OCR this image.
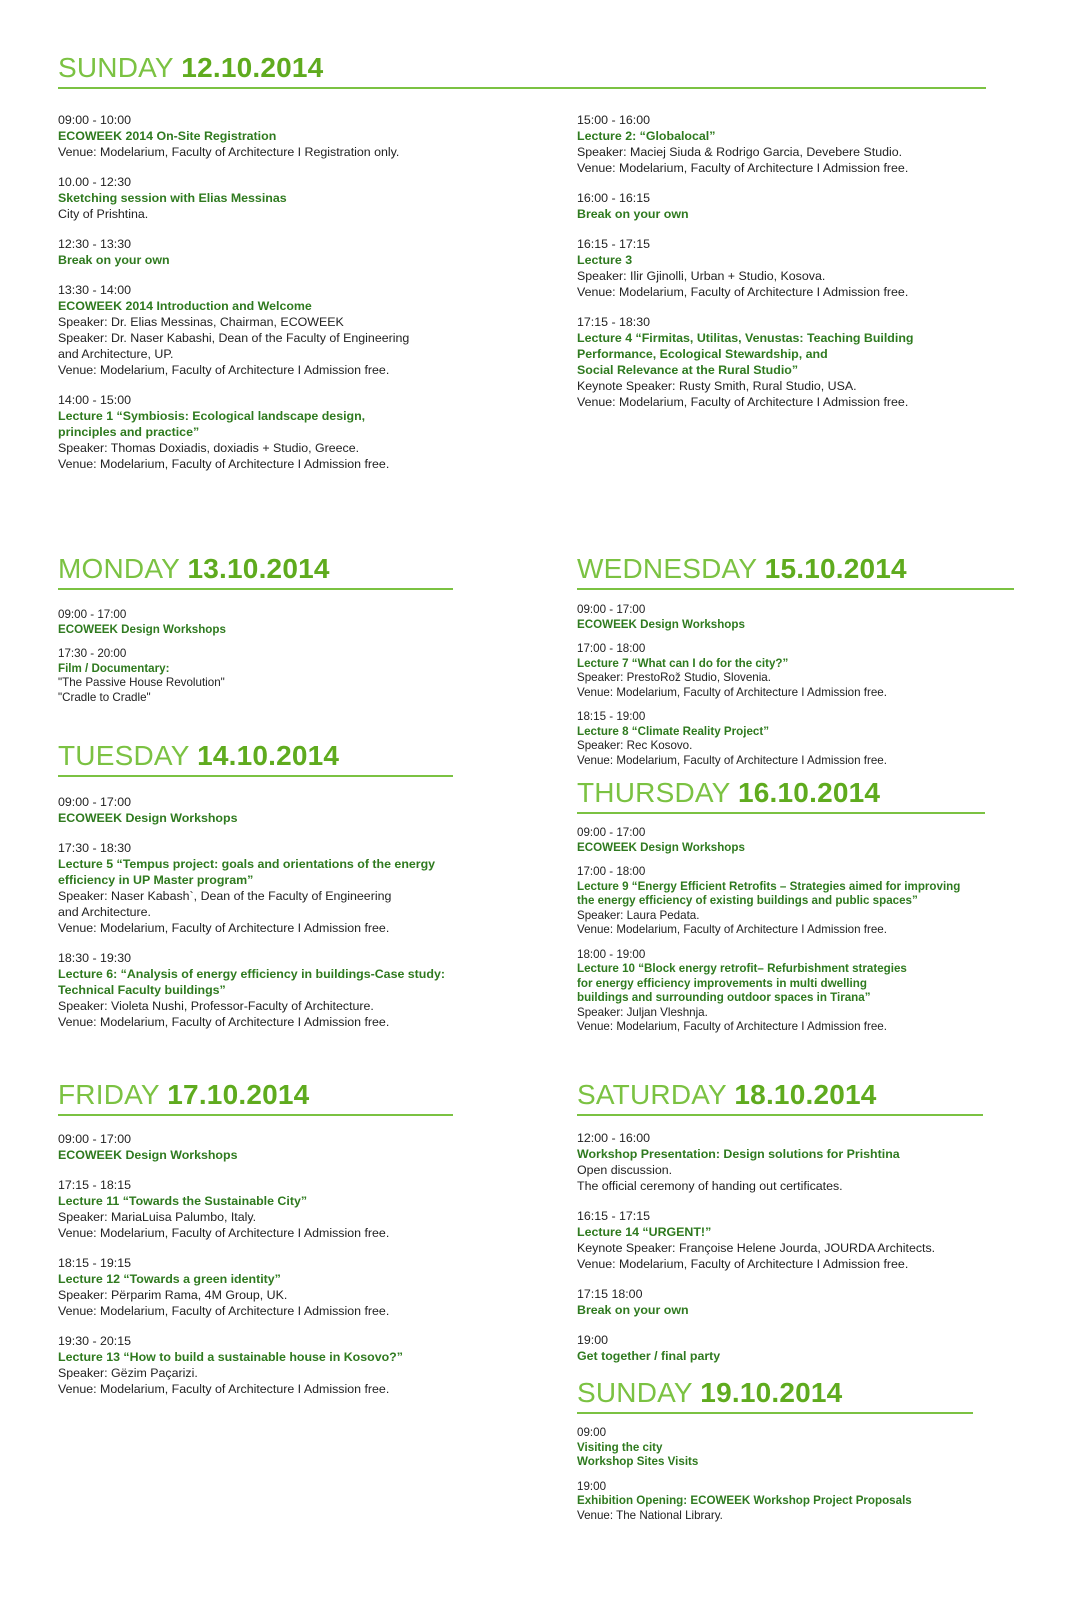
SUNDAY 12.10.2014
09:00 - 10:00
ECOWEEK 2014 On-Site Registration
Venue: Modelarium, Faculty of Architecture I Registration only.
10.00 - 12:30
Sketching session with Elias Messinas
City of Prishtina.
12:30 - 13:30
Break on your own
13:30 - 14:00
ECOWEEK 2014 Introduction and Welcome
Speaker: Dr. Elias Messinas, Chairman, ECOWEEK
Speaker: Dr. Naser Kabashi, Dean of the Faculty of Engineering
and Architecture, UP.
Venue: Modelarium, Faculty of Architecture I Admission free.
14:00 - 15:00
Lecture 1 “Symbiosis: Ecological landscape design,
principles and practice”
Speaker: Thomas Doxiadis, doxiadis + Studio, Greece.
Venue: Modelarium, Faculty of Architecture I Admission free.
15:00 - 16:00
Lecture 2: “Globalocal”
Speaker: Maciej Siuda & Rodrigo Garcia, Devebere Studio.
Venue: Modelarium, Faculty of Architecture I Admission free.
16:00 - 16:15
Break on your own
16:15 - 17:15
Lecture 3
Speaker: Ilir Gjinolli, Urban + Studio, Kosova.
Venue: Modelarium, Faculty of Architecture I Admission free.
17:15 - 18:30
Lecture 4 “Firmitas, Utilitas, Venustas: Teaching Building
Performance, Ecological Stewardship, and
Social Relevance at the Rural Studio”
Keynote Speaker: Rusty Smith, Rural Studio, USA.
Venue: Modelarium, Faculty of Architecture I Admission free.
MONDAY 13.10.2014
09:00 - 17:00
ECOWEEK Design Workshops
17:30 - 20:00
Film / Documentary:
"The Passive House Revolution"
"Cradle to Cradle"
TUESDAY 14.10.2014
09:00 - 17:00
ECOWEEK Design Workshops
17:30 - 18:30
Lecture 5 “Tempus project: goals and orientations of the energy
efficiency in UP Master program”
Speaker: Naser Kabash`, Dean of the Faculty of Engineering
and Architecture.
Venue: Modelarium, Faculty of Architecture I Admission free.
18:30 - 19:30
Lecture 6: “Analysis of energy efficiency in buildings-Case study:
Technical Faculty buildings”
Speaker: Violeta Nushi, Professor-Faculty of Architecture.
Venue: Modelarium, Faculty of Architecture I Admission free.
WEDNESDAY 15.10.2014
09:00 - 17:00
ECOWEEK Design Workshops
17:00 - 18:00
Lecture 7 “What can I do for the city?”
Speaker: PrestoRož Studio, Slovenia.
Venue: Modelarium, Faculty of Architecture I Admission free.
18:15 - 19:00
Lecture 8 “Climate Reality Project”
Speaker: Rec Kosovo.
Venue: Modelarium, Faculty of Architecture I Admission free.
THURSDAY 16.10.2014
09:00 - 17:00
ECOWEEK Design Workshops
17:00 - 18:00
Lecture 9 “Energy Efficient Retrofits – Strategies aimed for improving
the energy efficiency of existing buildings and public spaces”
Speaker: Laura Pedata.
Venue: Modelarium, Faculty of Architecture I Admission free.
18:00 - 19:00
Lecture 10 “Block energy retrofit– Refurbishment strategies
for energy efficiency improvements in multi dwelling
buildings and surrounding outdoor spaces in Tirana”
Speaker: Juljan Vleshnja.
Venue: Modelarium, Faculty of Architecture I Admission free.
FRIDAY 17.10.2014
09:00 - 17:00
ECOWEEK Design Workshops
17:15 - 18:15
Lecture 11 “Towards the Sustainable City”
Speaker: MariaLuisa Palumbo, Italy.
Venue: Modelarium, Faculty of Architecture I Admission free.
18:15 - 19:15
Lecture 12 “Towards a green identity”
Speaker: Përparim Rama, 4M Group, UK.
Venue: Modelarium, Faculty of Architecture I Admission free.
19:30 - 20:15
Lecture 13 “How to build a sustainable house in Kosovo?”
Speaker: Gëzim Paçarizi.
Venue: Modelarium, Faculty of Architecture I Admission free.
SATURDAY 18.10.2014
12:00 - 16:00
Workshop Presentation: Design solutions for Prishtina
Open discussion.
The official ceremony of handing out certificates.
16:15 - 17:15
Lecture 14 “URGENT!”
Keynote Speaker: Françoise Helene Jourda, JOURDA Architects.
Venue: Modelarium, Faculty of Architecture I Admission free.
17:15 18:00
Break on your own
19:00
Get together / final party
SUNDAY 19.10.2014
09:00
Visiting the city
Workshop Sites Visits
19:00
Exhibition Opening: ECOWEEK Workshop Project Proposals
Venue: The National Library.
